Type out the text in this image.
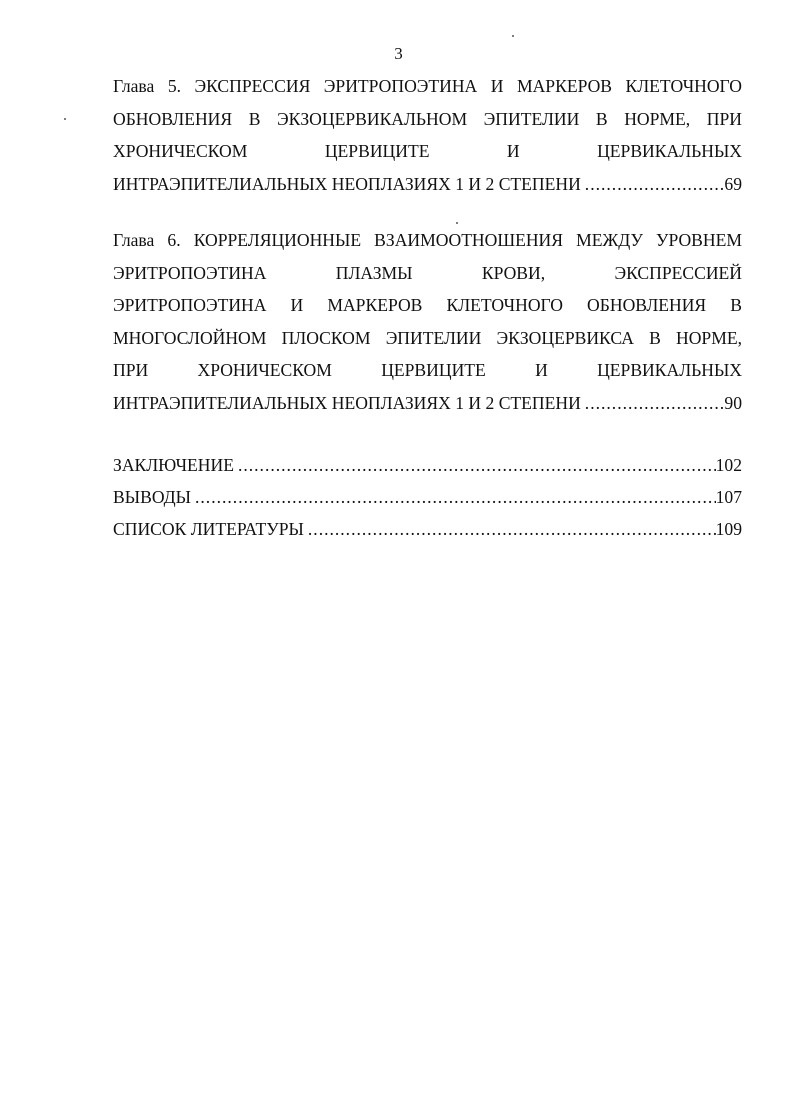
3
Глава 5. ЭКСПРЕССИЯ ЭРИТРОПОЭТИНА И МАРКЕРОВ КЛЕТОЧНОГО
ОБНОВЛЕНИЯ В ЭКЗОЦЕРВИКАЛЬНОМ ЭПИТЕЛИИ В НОРМЕ, ПРИ
ХРОНИЧЕСКОМ ЦЕРВИЦИТЕ И ЦЕРВИКАЛЬНЫХ
ИНТРАЭПИТЕЛИАЛЬНЫХ НЕОПЛАЗИЯХ 1 И 2 СТЕПЕНИ .....	69
Глава 6. КОРРЕЛЯЦИОННЫЕ ВЗАИМООТНОШЕНИЯ МЕЖДУ УРОВНЕМ
ЭРИТРОПОЭТИНА ПЛАЗМЫ КРОВИ, ЭКСПРЕССИЕЙ
ЭРИТРОПОЭТИНА И МАРКЕРОВ КЛЕТОЧНОГО ОБНОВЛЕНИЯ В
МНОГОСЛОЙНОМ ПЛОСКОМ ЭПИТЕЛИИ ЭКЗОЦЕРВИКСА В НОРМЕ,
ПРИ ХРОНИЧЕСКОМ ЦЕРВИЦИТЕ И ЦЕРВИКАЛЬНЫХ
ИНТРАЭПИТЕЛИАЛЬНЫХ НЕОПЛАЗИЯХ 1 И 2 СТЕПЕНИ .....	90
ЗАКЛЮЧЕНИЕ .....	102
ВЫВОДЫ .....	107
СПИСОК ЛИТЕРАТУРЫ .....	109
